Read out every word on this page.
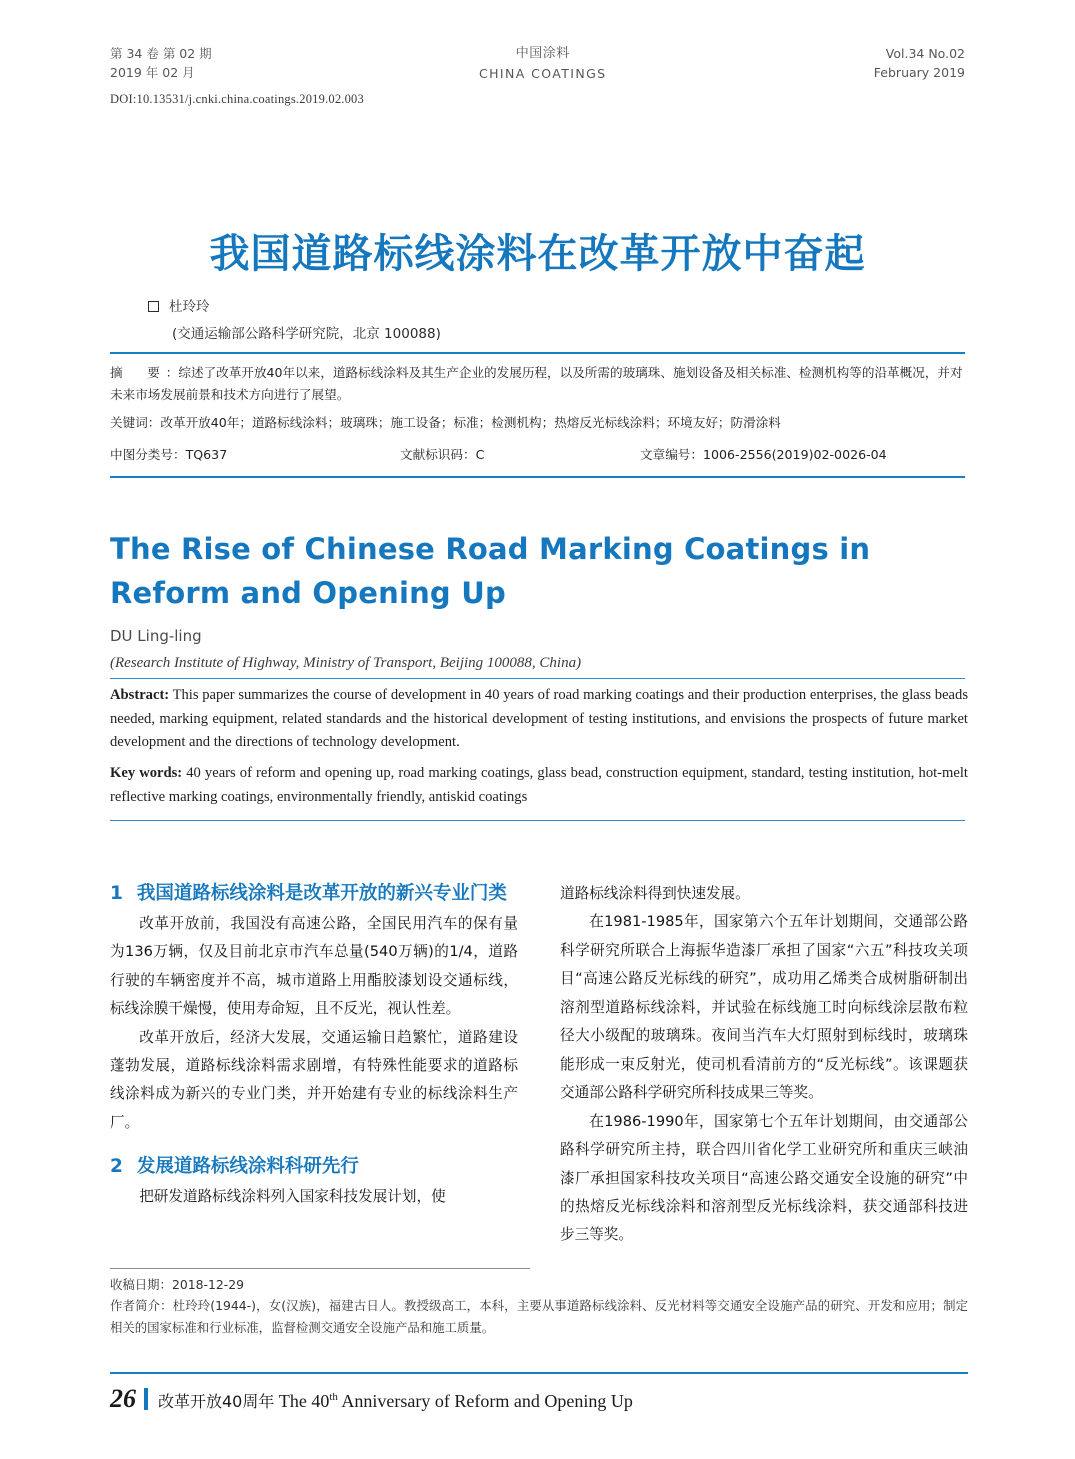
第 34 卷 第 02 期
2019 年 02 月
中国涂料
CHINA COATINGS
Vol.34 No.02
February 2019
DOI:10.13531/j.cnki.china.coatings.2019.02.003
我国道路标线涂料在改革开放中奋起
杜玲玲
(交通运输部公路科学研究院，北京 100088)

摘　要：综述了改革开放40年以来，道路标线涂料及其生产企业的发展历程，以及所需的玻璃珠、施划设备及相关标准、检测机构等的沿革概况，并对未来市场发展前景和技术方向进行了展望。

关键词：改革开放40年；道路标线涂料；玻璃珠；施工设备；标准；检测机构；热熔反光标线涂料；环境友好；防滑涂料

中图分类号：TQ637	文献标识码：C	文章编号：1006-2556(2019)02-0026-04
The Rise of Chinese Road Marking Coatings in Reform and Opening Up
DU Ling-ling
(Research Institute of Highway, Ministry of Transport, Beijing 100088, China)
Abstract: This paper summarizes the course of development in 40 years of road marking coatings and their production enterprises, the glass beads needed, marking equipment, related standards and the historical development of testing institutions, and envisions the prospects of future market development and the directions of technology development.
Key words: 40 years of reform and opening up, road marking coatings, glass bead, construction equipment, standard, testing institution, hot-melt reflective marking coatings, environmentally friendly, antiskid coatings
1 我国道路标线涂料是改革开放的新兴专业门类

改革开放前，我国没有高速公路，全国民用汽车的保有量为136万辆，仅及目前北京市汽车总量(540万辆)的1/4，道路行驶的车辆密度并不高，城市道路上用酯胶漆划设交通标线，标线涂膜干燥慢，使用寿命短，且不反光，视认性差。

改革开放后，经济大发展，交通运输日趋繁忙，道路建设蓬勃发展，道路标线涂料需求剧增，有特殊性能要求的道路标线涂料成为新兴的专业门类，并开始建有专业的标线涂料生产厂。

2 发展道路标线涂料科研先行

把研发道路标线涂料列入国家科技发展计划，使

道路标线涂料得到快速发展。

在1981-1985年，国家第六个五年计划期间，交通部公路科学研究所联合上海振华造漆厂承担了国家“六五”科技攻关项目“高速公路反光标线的研究”，成功用乙烯类合成树脂研制出溶剂型道路标线涂料，并试验在标线施工时向标线涂层散布粒径大小级配的玻璃珠。夜间当汽车大灯照射到标线时，玻璃珠能形成一束反射光，使司机看清前方的“反光标线”。该课题获交通部公路科学研究所科技成果三等奖。

在1986-1990年，国家第七个五年计划期间，由交通部公路科学研究所主持，联合四川省化学工业研究所和重庆三峡油漆厂承担国家科技攻关项目“高速公路交通安全设施的研究”中的热熔反光标线涂料和溶剂型反光标线涂料，获交通部科技进步三等奖。

收稿日期：2018-12-29
作者简介：杜玲玲(1944-)，女(汉族)，福建古日人。教授级高工，本科，主要从事道路标线涂料、反光材料等交通安全设施产品的研究、开发和应用；制定相关的国家标准和行业标准，监督检测交通安全设施产品和施工质量。
26 改革开放40周年 The 40th Anniversary of Reform and Opening Up
